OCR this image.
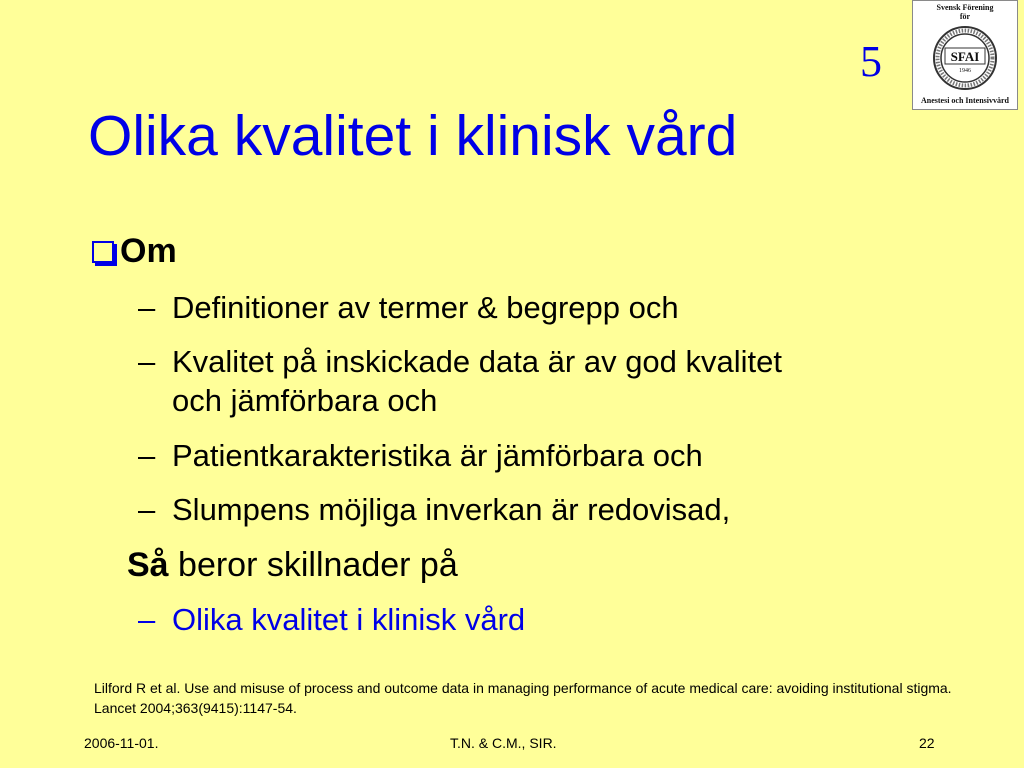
Svensk Förening
för
SFAI
1946
Anestesi och Intensivvård
5
Olika kvalitet i klinisk vård
Om
– Definitioner av termer & begrepp och
– Kvalitet på inskickade data är av god kvalitet och jämförbara och
– Patientkarakteristika är jämförbara och
– Slumpens möjliga inverkan är redovisad,
Så beror skillnader på
– Olika kvalitet i klinisk vård
Lilford R et al. Use and misuse of process and outcome data in managing performance of acute medical care: avoiding institutional stigma. Lancet 2004;363(9415):1147-54.
2006-11-01.	T.N. & C.M., SIR.	22
